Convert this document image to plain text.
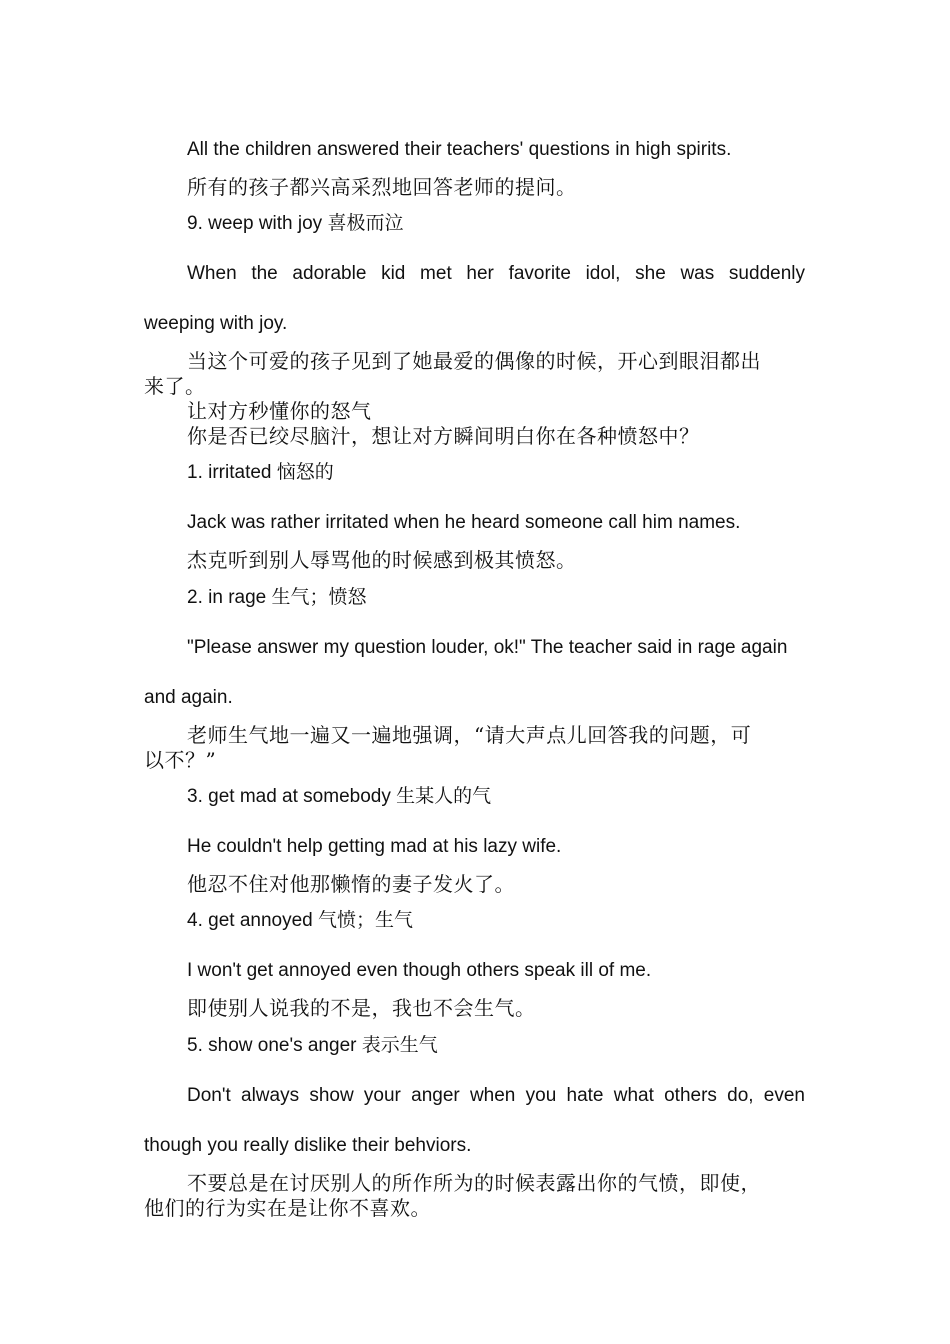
All the children answered their teachers' questions in high spirits.

所有的孩子都兴高采烈地回答老师的提问。

9. weep with joy 喜极而泣

When the adorable kid met her favorite idol, she was suddenly

weeping with joy.

当这个可爱的孩子见到了她最爱的偶像的时候，开心到眼泪都出

来了。

让对方秒懂你的怒气

你是否已绞尽脑汁，想让对方瞬间明白你在各种愤怒中？

1. irritated 恼怒的

Jack was rather irritated when he heard someone call him names.

杰克听到别人辱骂他的时候感到极其愤怒。

2. in rage 生气；愤怒

"Please answer my question louder, ok!" The teacher said in rage again

and again.

老师生气地一遍又一遍地强调，“请大声点儿回答我的问题，可

以不？”

3. get mad at somebody 生某人的气

He couldn't help getting mad at his lazy wife.

他忍不住对他那懒惰的妻子发火了。

4. get annoyed 气愤；生气

I won't get annoyed even though others speak ill of me.

即使别人说我的不是，我也不会生气。

5. show one's anger 表示生气

Don't always show your anger when you hate what others do, even

though you really dislike their behviors.

不要总是在讨厌别人的所作所为的时候表露出你的气愤，即使，

他们的行为实在是让你不喜欢。
